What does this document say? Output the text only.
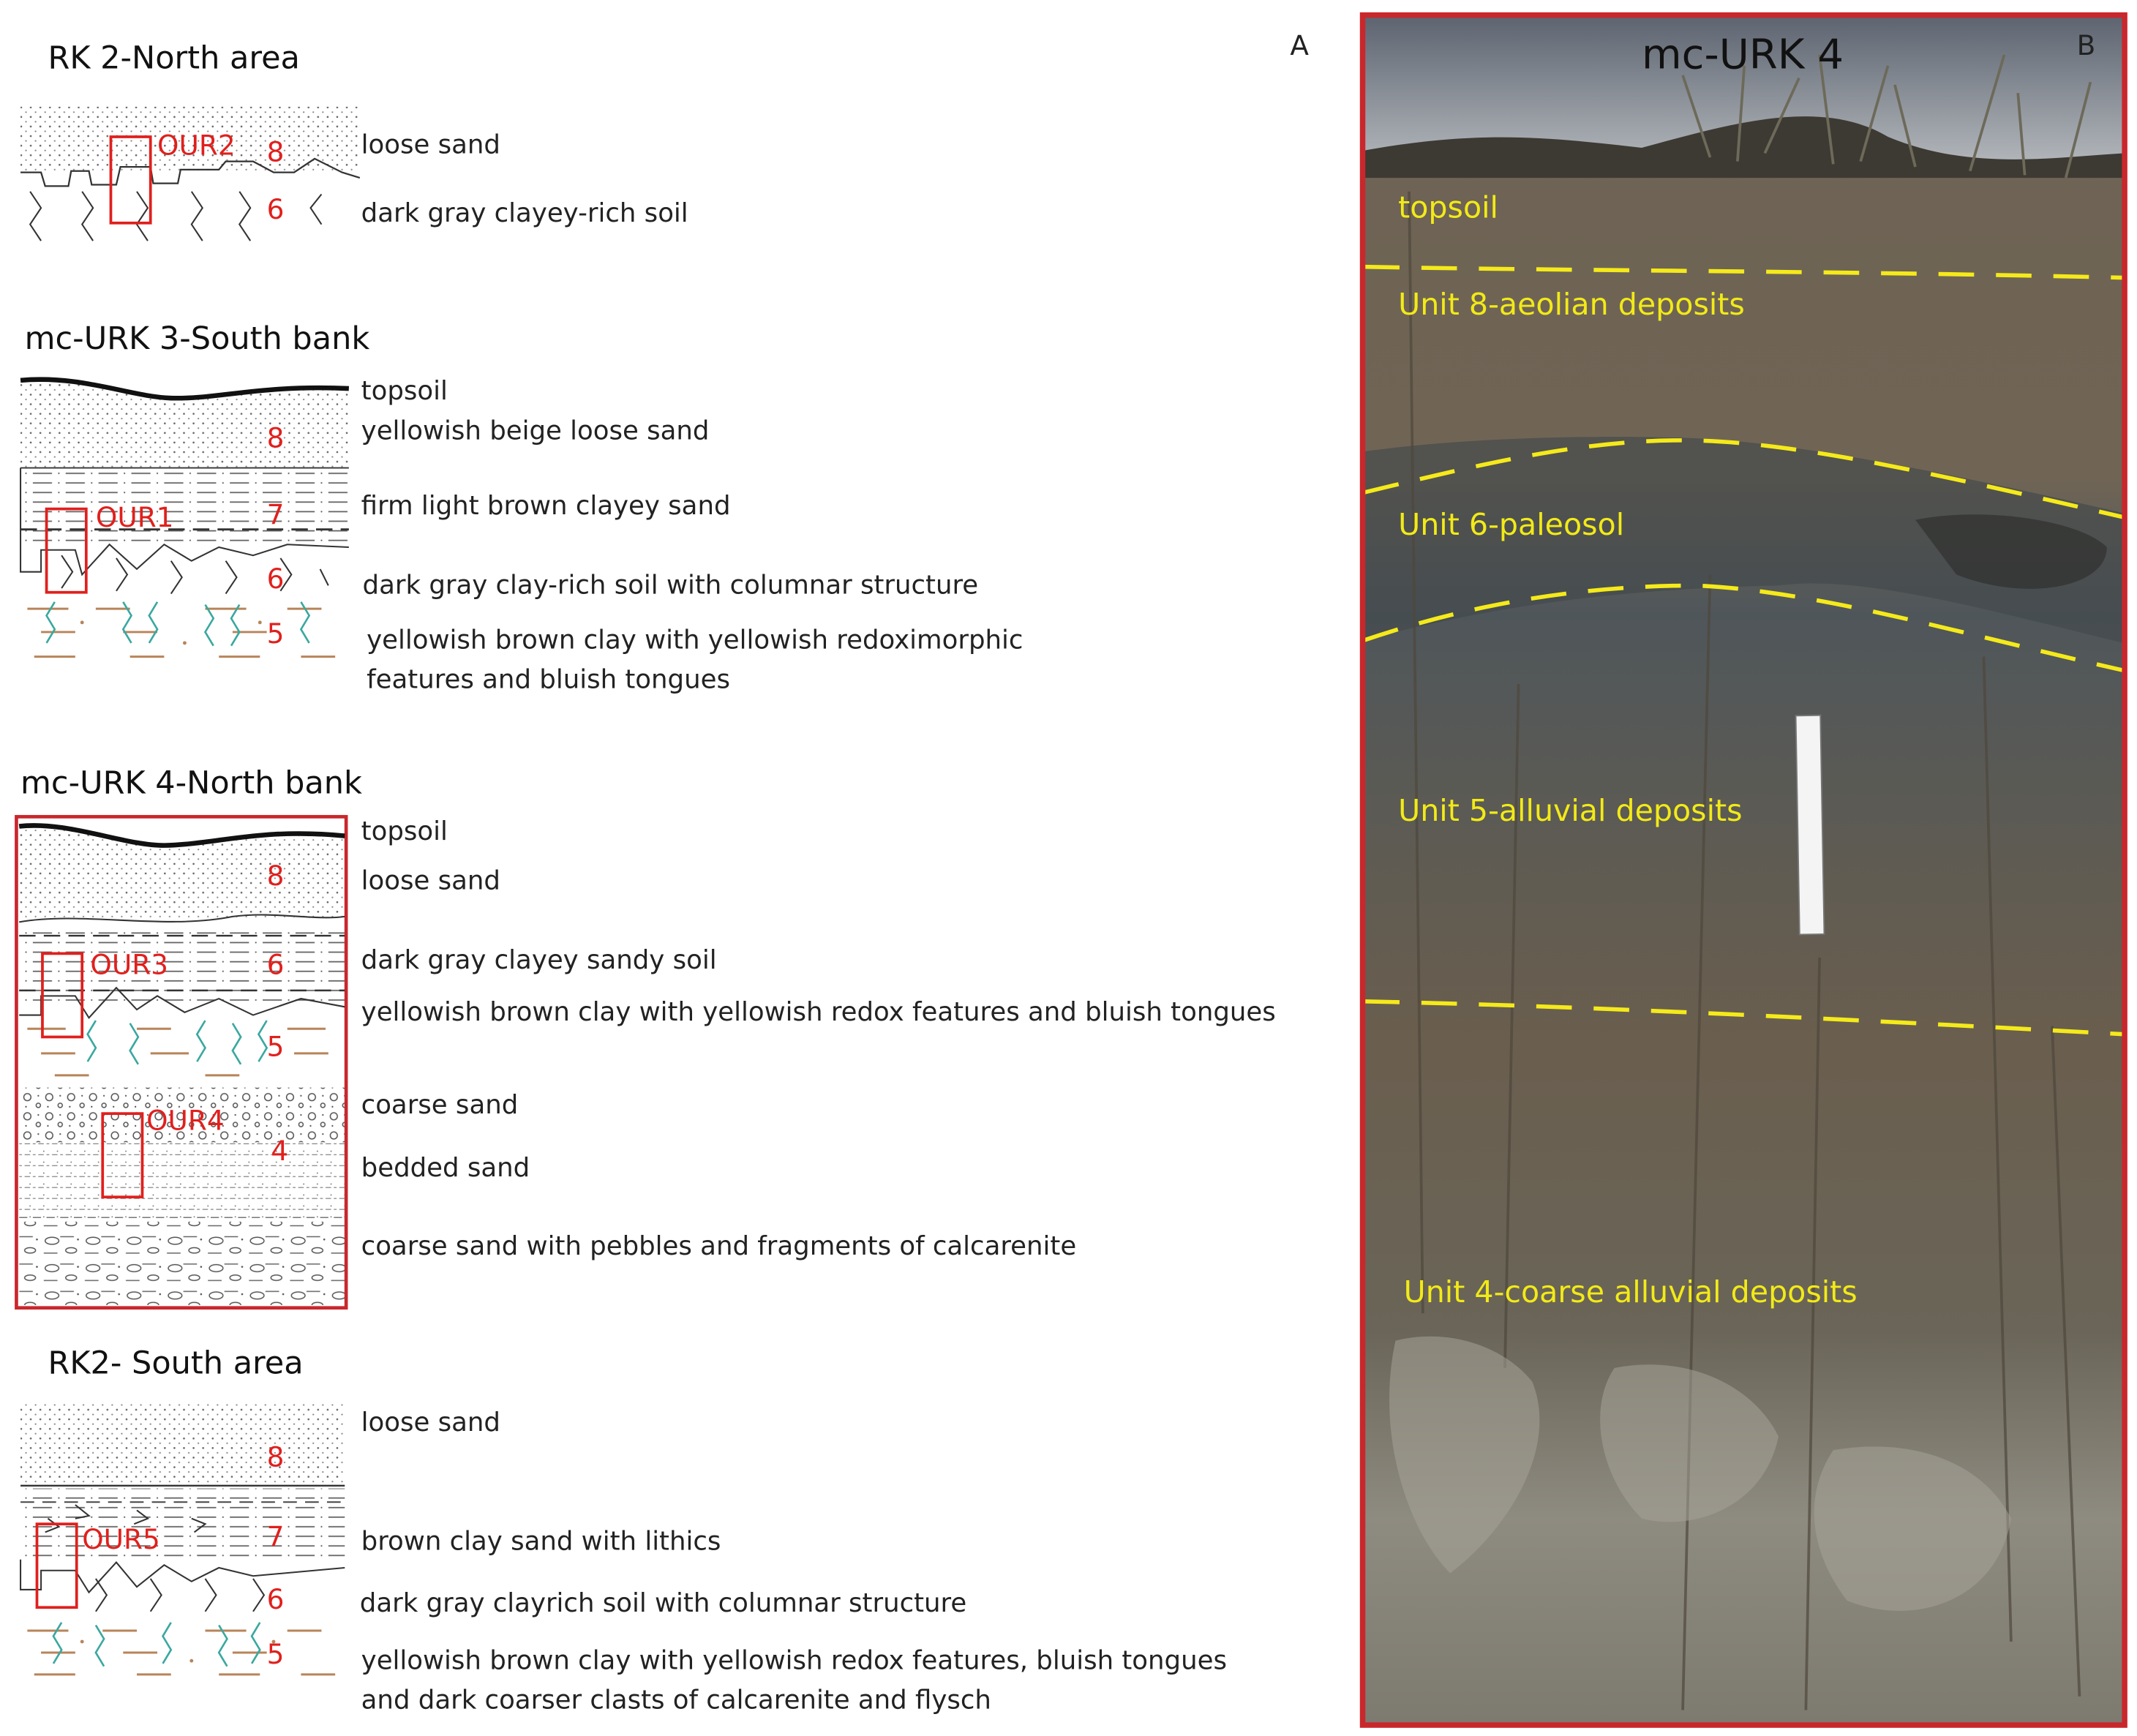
A
RK 2-North area
OUR2 8
6
loose sand
dark gray clayey-rich soil
mc-URK 3-South bank
OUR1
8
7
6
5
topsoil
yellowish beige loose sand
firm light brown clayey sand
dark gray clay-rich soil with columnar structure
yellowish brown clay with yellowish redoximorphic
features and bluish tongues
mc-URK 4-North bank
OUR3
OUR4
8
6
5
4
topsoil
loose sand
dark gray clayey sandy soil
yellowish brown clay with yellowish redox features and bluish tongues
coarse sand
bedded sand
coarse sand with pebbles and fragments of calcarenite
RK2- South area
OUR5
8
7
6
5
loose sand
brown clay sand with lithics
dark gray clayrich soil with columnar structure
yellowish brown clay with yellowish redox features, bluish tongues
and dark coarser clasts of calcarenite and flysch
mc-URK 4	B
topsoil
Unit 8-aeolian deposits
Unit 6-paleosol
Unit 5-alluvial deposits
Unit 4-coarse alluvial deposits
